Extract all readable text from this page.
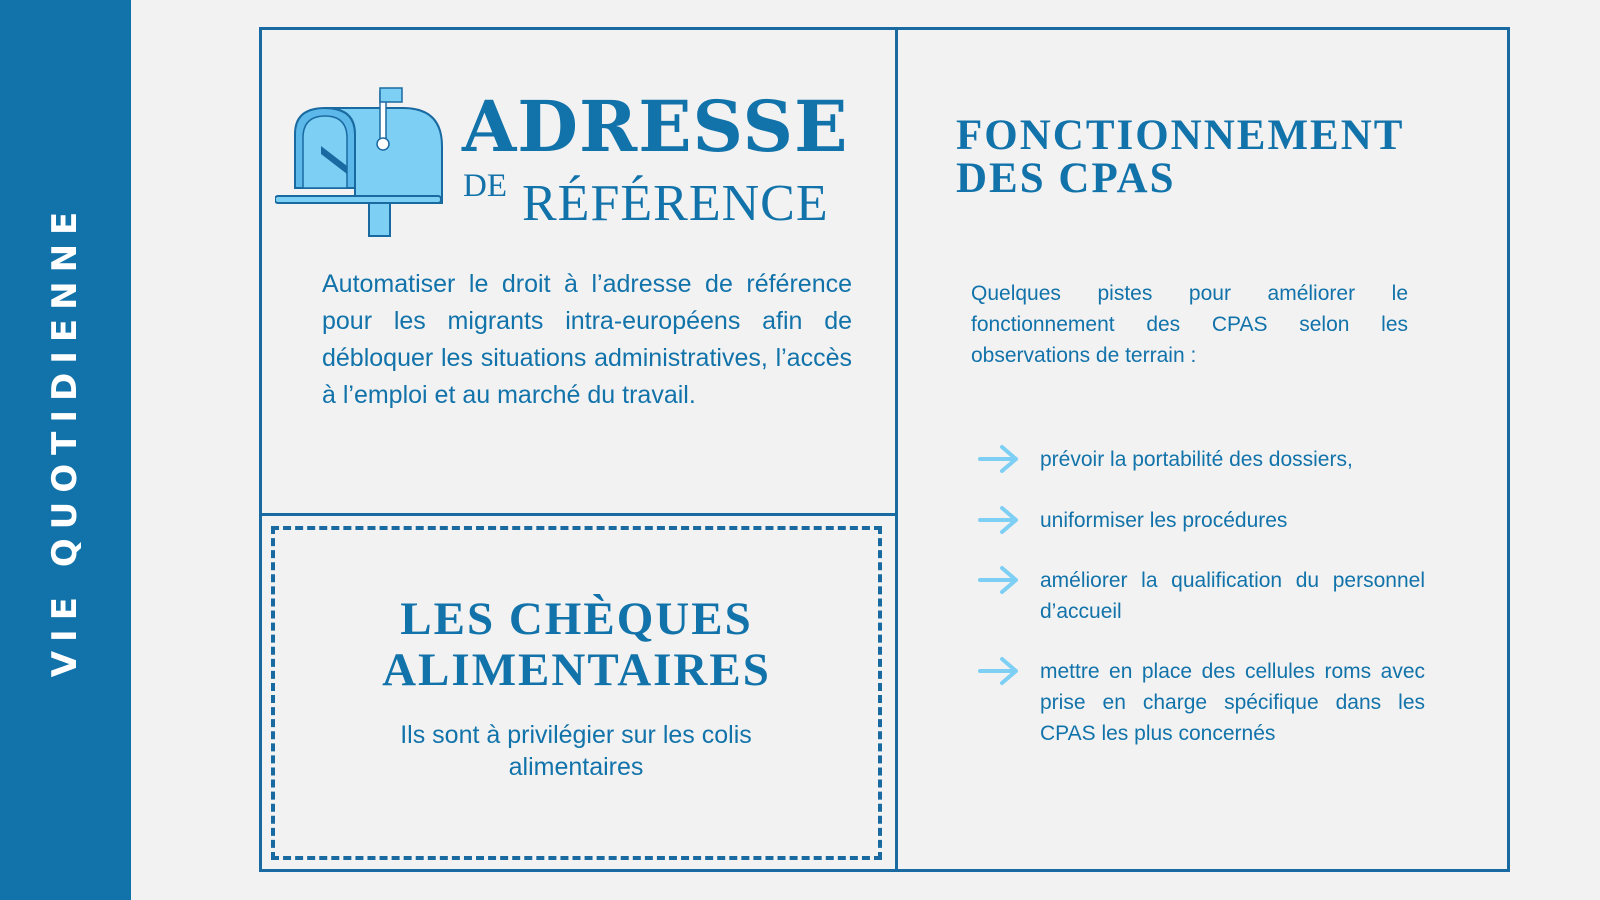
VIE QUOTIDIENNE
ADRESSE
DE RÉFÉRENCE

Automatiser le droit à l’adresse de référence pour les migrants intra-européens afin de débloquer les situations administratives, l’accès à l’emploi et au marché du travail.

LES CHÈQUES
ALIMENTAIRES

Ils sont à privilégier sur les colis alimentaires

FONCTIONNEMENT
DES CPAS

Quelques pistes pour améliorer le fonctionnement des CPAS selon les observations de terrain :

prévoir la portabilité des dossiers,

uniformiser les procédures

améliorer la qualification du personnel d’accueil

mettre en place des cellules roms avec prise en charge spécifique dans les CPAS les plus concernés
